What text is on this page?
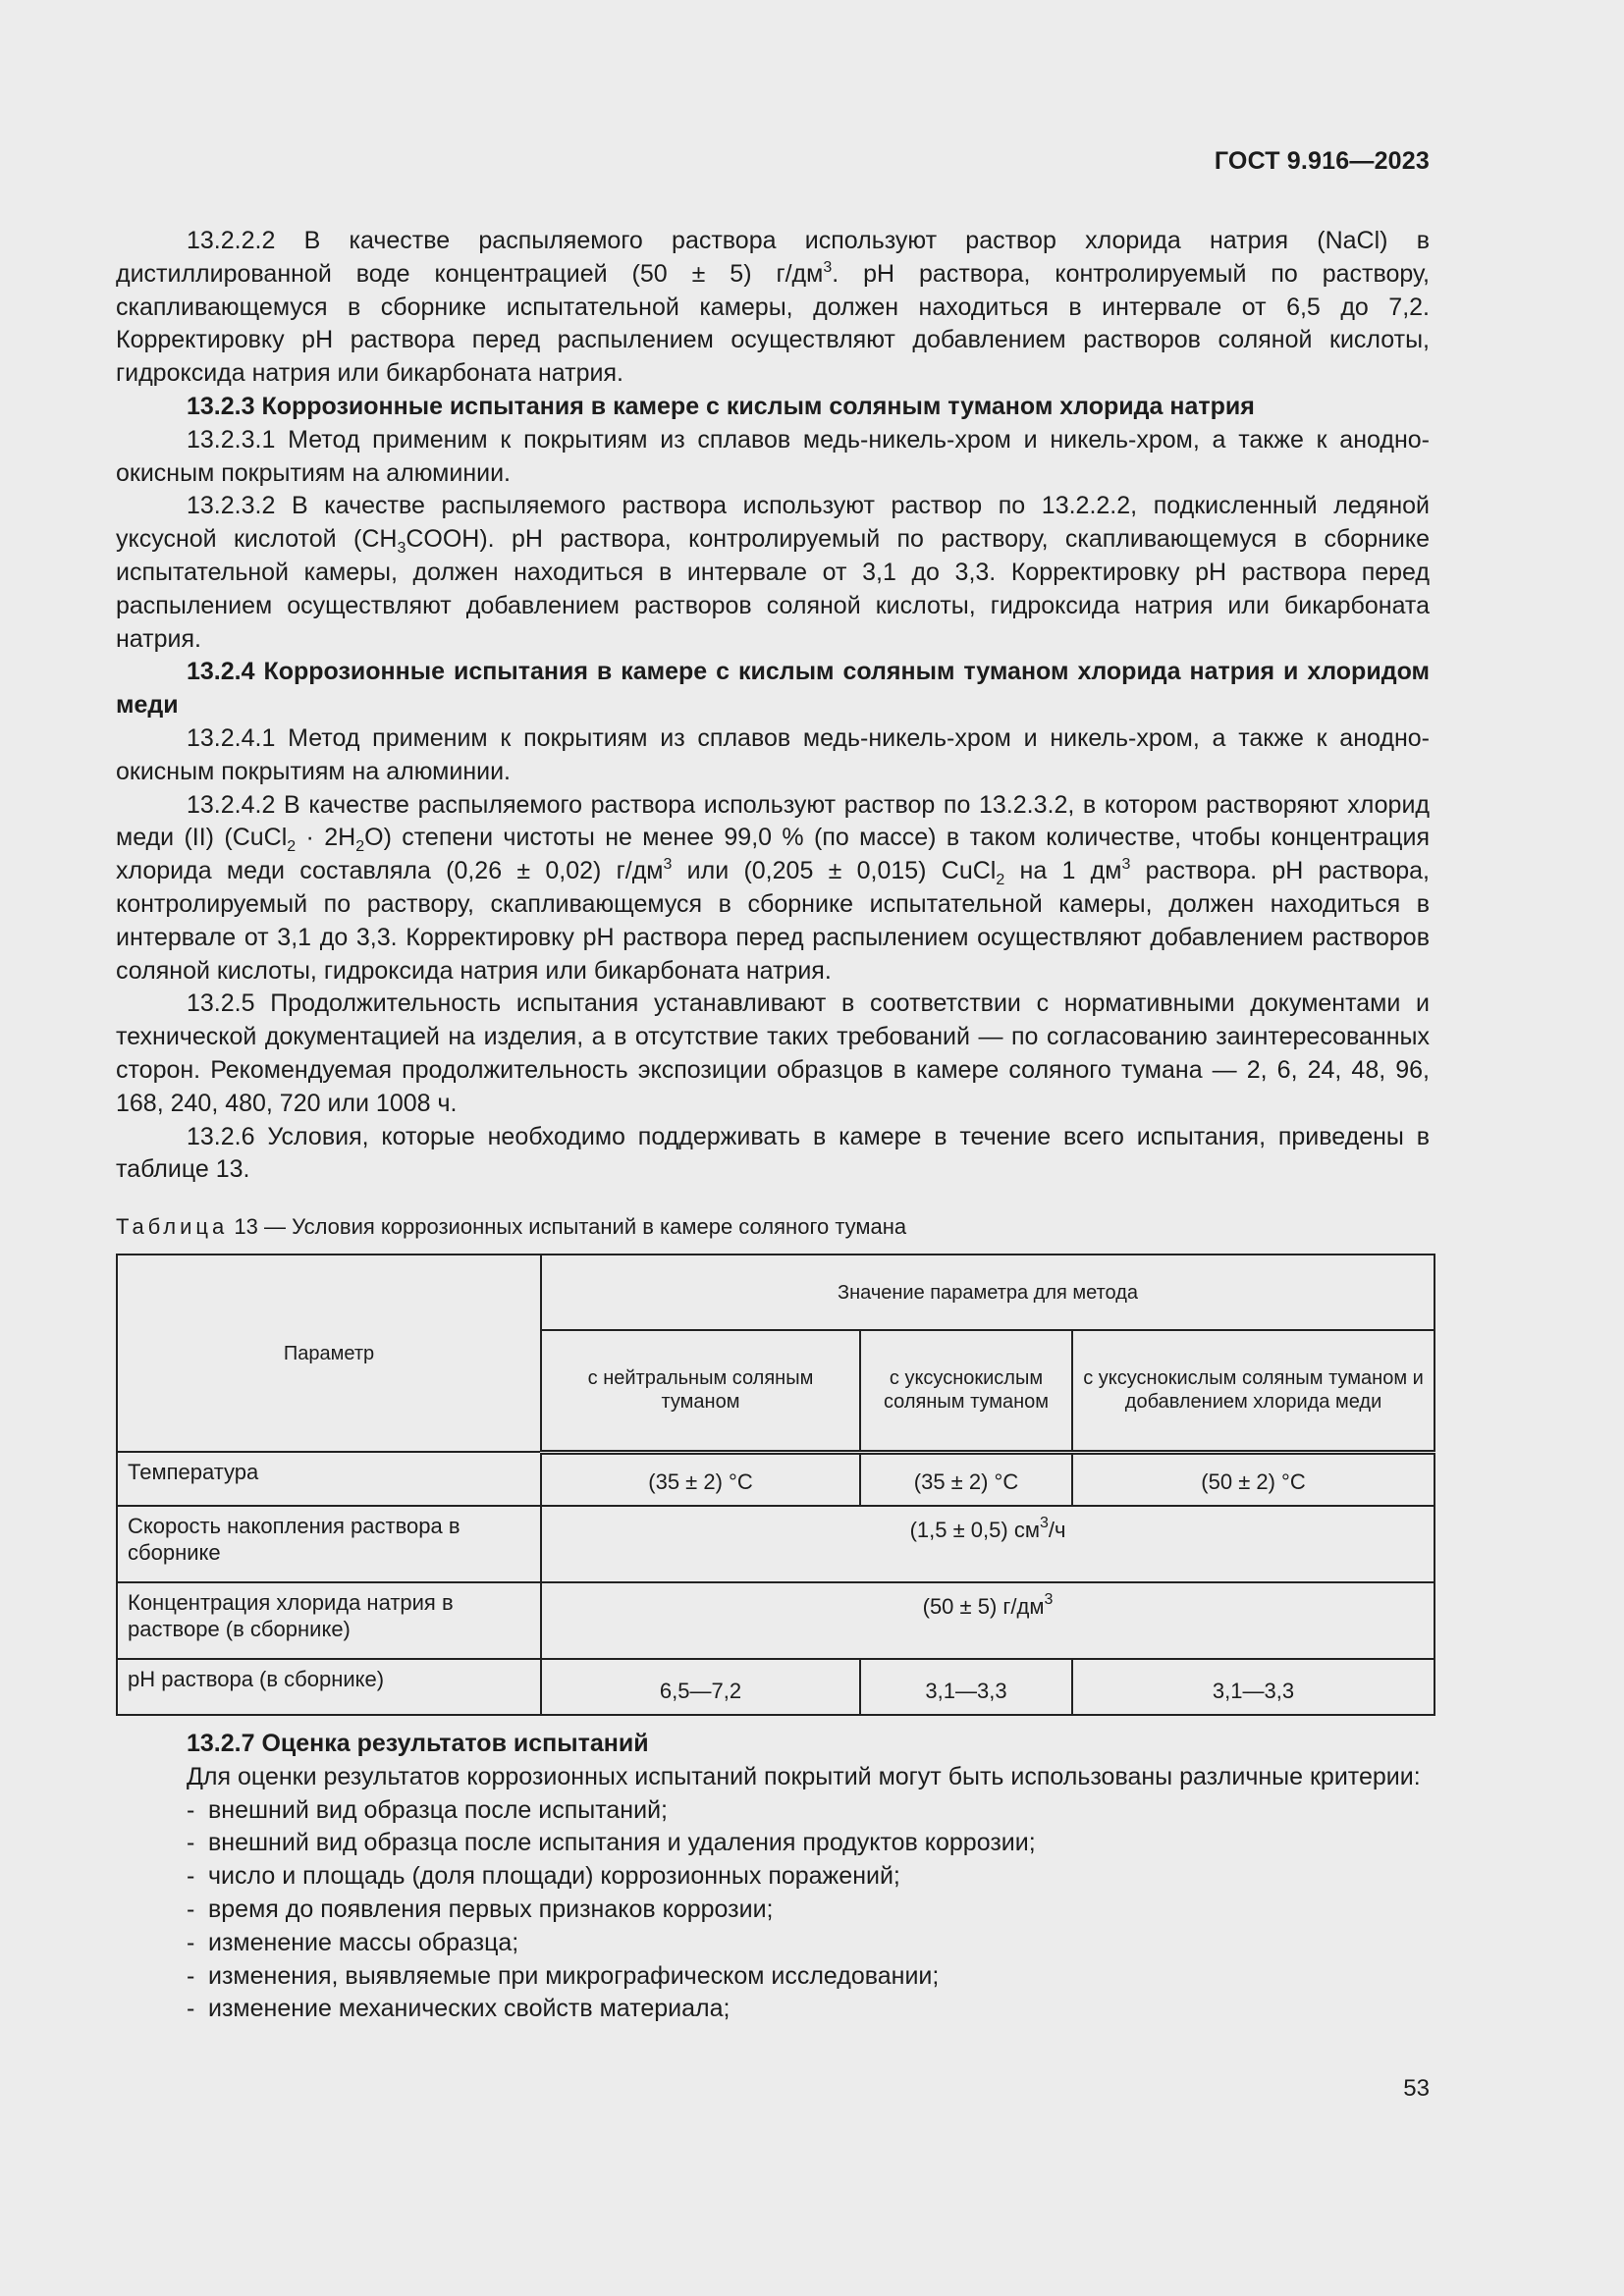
ГОСТ 9.916—2023

13.2.2.2 В качестве распыляемого раствора используют раствор хлорида натрия (NaCl) в дистиллированной воде концентрацией (50 ± 5) $г/дм^3$. pH раствора, контролируемый по раствору, скапливающемуся в сборнике испытательной камеры, должен находиться в интервале от 6,5 до 7,2. Корректировку pH раствора перед распылением осуществляют добавлением растворов соляной кислоты, гидроксида натрия или бикарбоната натрия.

13.2.3 Коррозионные испытания в камере с кислым соляным туманом хлорида натрия

13.2.3.1 Метод применим к покрытиям из сплавов медь-никель-хром и никель-хром, а также к анодно-окисным покрытиям на алюминии.

13.2.3.2 В качестве распыляемого раствора используют раствор по 13.2.2.2, подкисленный ледяной уксусной кислотой $(CH_3COOH)$. pH раствора, контролируемый по раствору, скапливающемуся в сборнике испытательной камеры, должен находиться в интервале от 3,1 до 3,3. Корректировку pH раствора перед распылением осуществляют добавлением растворов соляной кислоты, гидроксида натрия или бикарбоната натрия.

13.2.4 Коррозионные испытания в камере с кислым соляным туманом хлорида натрия и хлоридом меди

13.2.4.1 Метод применим к покрытиям из сплавов медь-никель-хром и никель-хром, а также к анодно-окисным покрытиям на алюминии.

13.2.4.2 В качестве распыляемого раствора используют раствор по 13.2.3.2, в котором растворяют хлорид меди (II) (CuCl$_2$ · $2H_2O$) степени чистоты не менее 99,0 % (по массе) в таком количестве, чтобы концентрация хлорида меди составляла (0,26 ± 0,02) $г/дм^3$ или (0,205 ± 0,015) CuCl$_2$ на 1 $дм^3$ раствора. pH раствора, контролируемый по раствору, скапливающемуся в сборнике испытательной камеры, должен находиться в интервале от 3,1 до 3,3. Корректировку pH раствора перед распылением осуществляют добавлением растворов соляной кислоты, гидроксида натрия или бикарбоната натрия.

13.2.5 Продолжительность испытания устанавливают в соответствии с нормативными документами и технической документацией на изделия, а в отсутствие таких требований — по согласованию заинтересованных сторон. Рекомендуемая продолжительность экспозиции образцов в камере соляного тумана — 2, 6, 24, 48, 96, 168, 240, 480, 720 или 1008 ч.

13.2.6 Условия, которые необходимо поддерживать в камере в течение всего испытания, приведены в таблице 13.

Таблица 13 — Условия коррозионных испытаний в камере соляного тумана
Параметр	Значение параметра для метода		
	с нейтральным соляным туманом	с уксуснокислым соляным туманом	с уксуснокислым соляным туманом и добавлением хлорида меди
Температура	(35 ± 2) °C	(35 ± 2) °C	(50 ± 2) °C
Скорость накопления раствора в сборнике	(1,5 ± 0,5) $см^3/ч$		
Концентрация хлорида натрия в растворе (в сборнике)	(50 ± 5) $г/дм^3$
pH раствора (в сборнике)	6,5—7,2	3,1—3,3	3,1—3,3

13.2.7 Оценка результатов испытаний

Для оценки результатов коррозионных испытаний покрытий могут быть использованы различные критерии:

- внешний вид образца после испытаний;
- внешний вид образца после испытания и удаления продуктов коррозии;
- число и площадь (доля площади) коррозионных поражений;
- время до появления первых признаков коррозии;
- изменение массы образца;
- изменения, выявляемые при микрографическом исследовании;
- изменение механических свойств материала;
53
